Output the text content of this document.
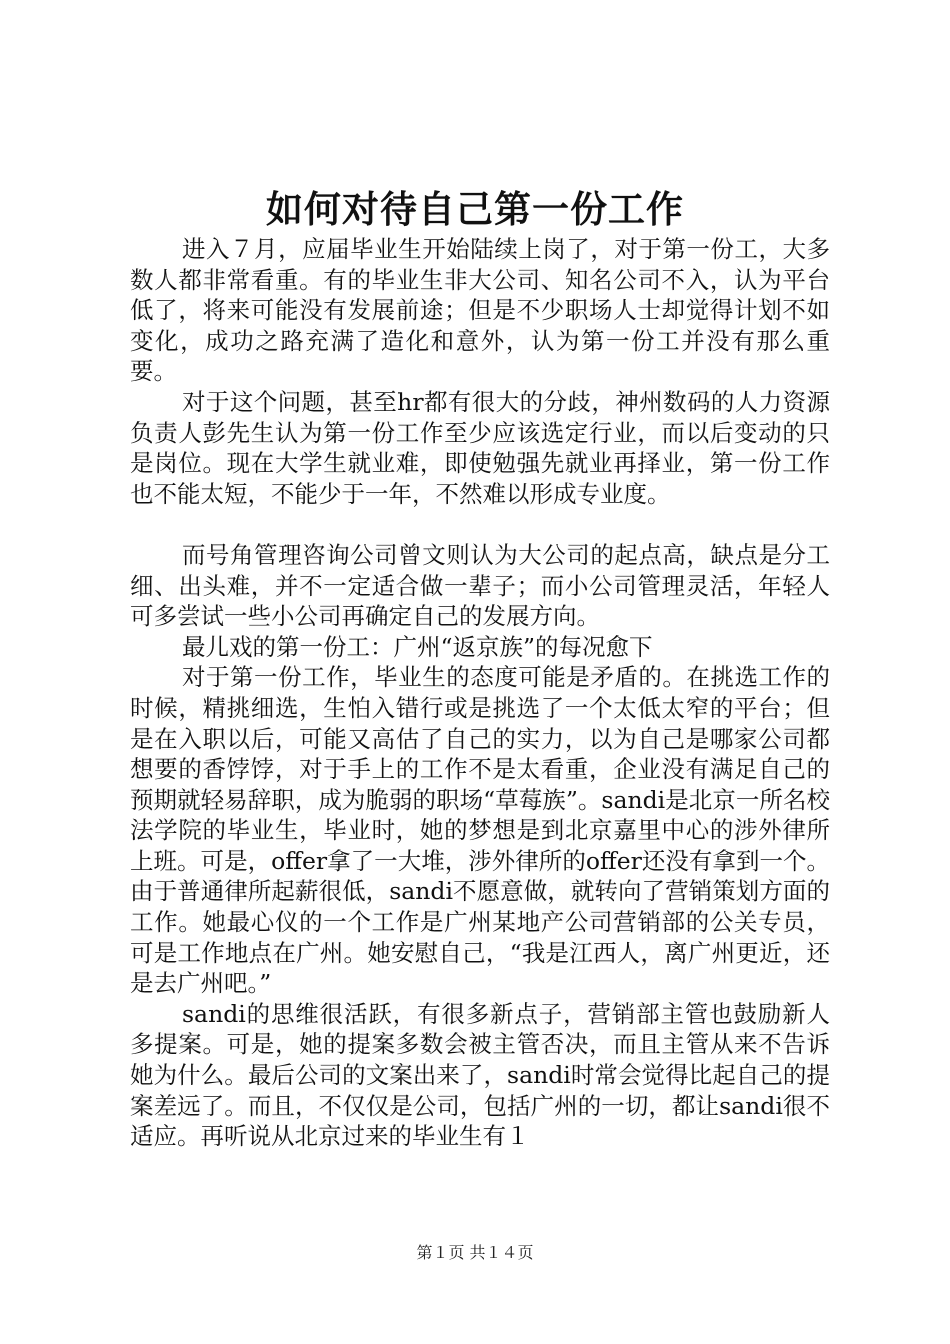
如何对待自己第一份工作

进入７月，应届毕业生开始陆续上岗了，对于第一份工，大多数人都非常看重。有的毕业生非大公司、知名公司不入，认为平台低了，将来可能没有发展前途；但是不少职场人士却觉得计划不如变化，成功之路充满了造化和意外，认为第一份工并没有那么重要。

对于这个问题，甚至hr都有很大的分歧，神州数码的人力资源负责人彭先生认为第一份工作至少应该选定行业，而以后变动的只是岗位。现在大学生就业难，即使勉强先就业再择业，第一份工作也不能太短，不能少于一年，不然难以形成专业度。

而号角管理咨询公司曾文则认为大公司的起点高，缺点是分工细、出头难，并不一定适合做一辈子；而小公司管理灵活，年轻人可多尝试一些小公司再确定自己的发展方向。

最儿戏的第一份工：广州“返京族”的每况愈下

对于第一份工作，毕业生的态度可能是矛盾的。在挑选工作的时候，精挑细选，生怕入错行或是挑选了一个太低太窄的平台；但是在入职以后，可能又高估了自己的实力，以为自己是哪家公司都想要的香饽饽，对于手上的工作不是太看重，企业没有满足自己的预期就轻易辞职，成为脆弱的职场“草莓族”。sandi是北京一所名校法学院的毕业生，毕业时，她的梦想是到北京嘉里中心的涉外律所上班。可是，offer拿了一大堆，涉外律所的offer还没有拿到一个。由于普通律所起薪很低，sandi不愿意做，就转向了营销策划方面的工作。她最心仪的一个工作是广州某地产公司营销部的公关专员，可是工作地点在广州。她安慰自己，“我是江西人，离广州更近，还是去广州吧。”

sandi的思维很活跃，有很多新点子，营销部主管也鼓励新人多提案。可是，她的提案多数会被主管否决，而且主管从来不告诉她为什么。最后公司的文案出来了，sandi时常会觉得比起自己的提案差远了。而且，不仅仅是公司，包括广州的一切，都让sandi很不适应。再听说从北京过来的毕业生有１

第１页 共１４页
